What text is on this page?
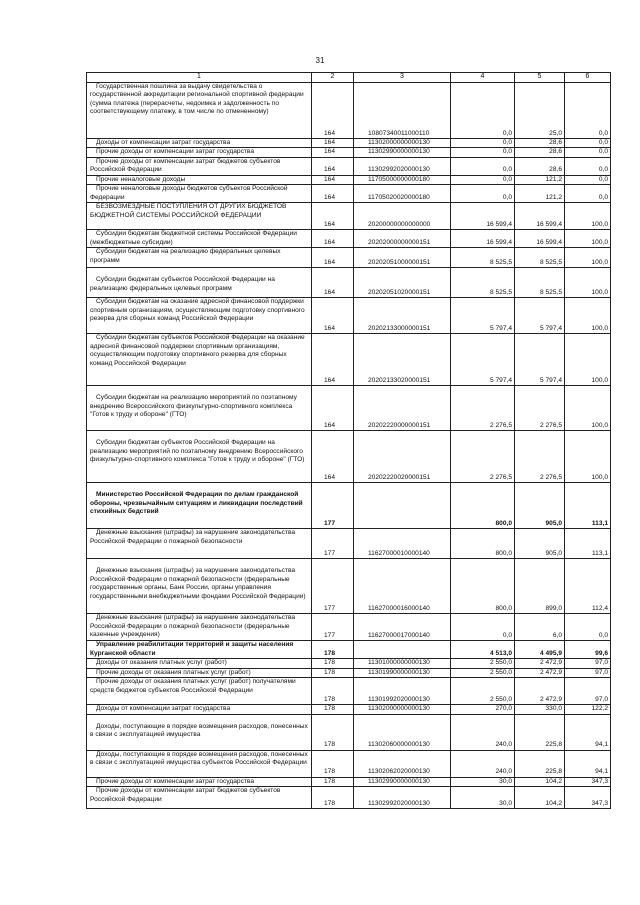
31
1	2	3	4	5	6
Государственная пошлина за выдачу свидетельства о государственной аккредитации региональной спортивной федерации (сумма платежа (перерасчеты, недоимка и задолженность по соответствующему платежу, в том числе по отмененному)	164	10807340011000110	0,0	25,0	0,0
Доходы от компенсации затрат государства	164	11302000000000130	0,0	28,6	0,0
Прочие доходы от компенсации затрат государства	164	11302990000000130	0,0	28,6	0,0
Прочие доходы от компенсации затрат бюджетов субъектов Российской Федерации	164	11302992020000130	0,0	28,6	0,0
Прочие неналоговые доходы	164	11705000000000180	0,0	121,2	0,0
Прочие неналоговые доходы бюджетов субъектов Российской Федерации	164	11705020020000180	0,0	121,2	0,0
БЕЗВОЗМЕЗДНЫЕ ПОСТУПЛЕНИЯ ОТ ДРУГИХ БЮДЖЕТОВ БЮДЖЕТНОЙ СИСТЕМЫ РОССИЙСКОЙ ФЕДЕРАЦИИ	164	20200000000000000	16 599,4	16 599,4	100,0
Субсидии бюджетам бюджетной системы Российской Федерации (межбюджетные субсидии)	164	20202000000000151	16 599,4	16 599,4	100,0
Субсидии бюджетам на реализацию федеральных целевых программ	164	20202051000000151	8 525,5	8 525,5	100,0
Субсидии бюджетам субъектов Российской Федерации на реализацию федеральных целевых программ	164	20202051020000151	8 525,5	8 525,5	100,0
Субсидии бюджетам на оказание адресной финансовой поддержки спортивным организациям, осуществляющим подготовку спортивного резерва для сборных команд Российской Федерации	164	20202133000000151	5 797,4	5 797,4	100,0
Субсидии бюджетам субъектов Российской Федерации на оказание адресной финансовой поддержки спортивным организациям, осуществляющим подготовку спортивного резерва для сборных команд Российской Федерации	164	20202133020000151	5 797,4	5 797,4	100,0
Субсидии бюджетам на реализацию мероприятий по поэтапному внедрению Всероссийского физкультурно-спортивного комплекса "Готов к труду и обороне" (ГТО)	164	20202220000000151	2 276,5	2 276,5	100,0
Субсидии бюджетам субъектов Российской Федерации на реализацию мероприятий по поэтапному внедрению Всероссийского физкультурно-спортивного комплекса "Готов к труду и обороне" (ГТО)	164	20202220020000151	2 276,5	2 276,5	100,0
Министерство Российской Федерации по делам гражданской обороны, чрезвычайным ситуациям и ликвидации последствий стихийных бедствий	177		800,0	905,0	113,1
Денежные взыскания (штрафы) за нарушение законодательства Российской Федерации о пожарной безопасности	177	11627000010000140	800,0	905,0	113,1
Денежные взыскания (штрафы) за нарушение законодательства Российской Федерации о пожарной безопасности (федеральные государственные органы, Банк России, органы управления государственными внебюджетными фондами Российской Федерации)	177	11627000016000140	800,0	899,0	112,4
Денежные взыскания (штрафы) за нарушение законодательства Российской Федерации о пожарной безопасности (федеральные казенные учреждения)	177	11627000017000140	0,0	6,0	0,0
Управление реабилитации территорий и защиты населения Курганской области	178		4 513,0	4 495,9	99,6
Доходы от оказания платных услуг (работ)	178	11301000000000130	2 550,0	2 472,9	97,0
Прочие доходы от оказания платных услуг (работ)	178	11301990000000130	2 550,0	2 472,9	97,0
Прочие доходы от оказания платных услуг (работ) получателями средств бюджетов субъектов Российской Федерации	178	11301992020000130	2 550,0	2 472,9	97,0
Доходы от компенсации затрат государства	178	11302000000000130	270,0	330,0	122,2
Доходы, поступающие в порядке возмещения расходов, понесенных в связи с эксплуатацией имущества	178	11302060000000130	240,0	225,8	94,1
Доходы, поступающие в порядке возмещения расходов, понесенных в связи с эксплуатацией имущества субъектов Российской Федерации	178	11302062020000130	240,0	225,8	94,1
Прочие доходы от компенсации затрат государства	178	11302990000000130	30,0	104,2	347,3
Прочие доходы от компенсации затрат бюджетов субъектов Российской Федерации	178	11302992020000130	30,0	104,2	347,3
